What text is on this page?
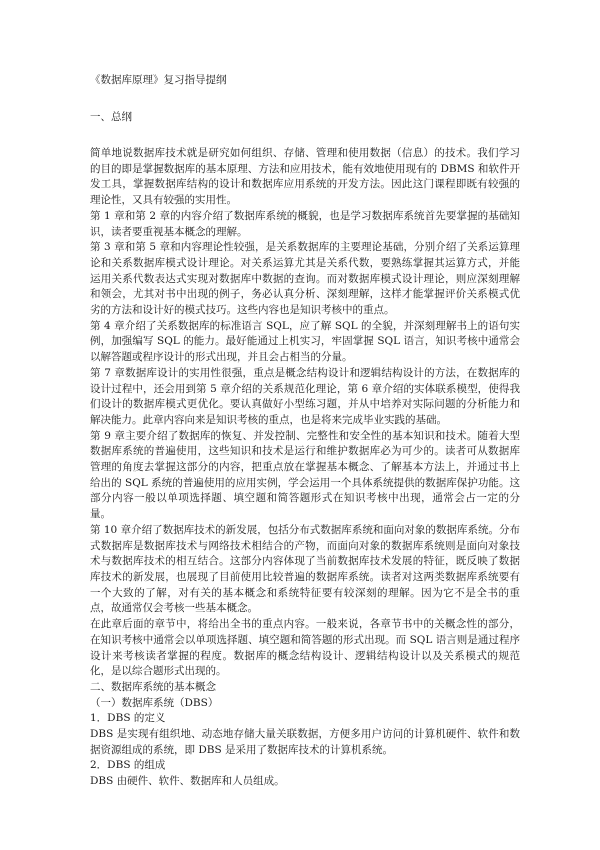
《数据库原理》复习指导提纲
一、总纲

简单地说数据库技术就是研究如何组织、存储、管理和使用数据（信息）的技术。我们学习的目的即是掌握数据库的基本原理、方法和应用技术，能有效地使用现有的 DBMS 和软件开发工具，掌握数据库结构的设计和数据库应用系统的开发方法。因此这门课程即既有较强的理论性，又具有较强的实用性。

第 1 章和第 2 章的内容介绍了数据库系统的概貌，也是学习数据库系统首先要掌握的基础知识，读者要重视基本概念的理解。

第 3 章和第 5 章和内容理论性较强，是关系数据库的主要理论基础，分别介绍了关系运算理论和关系数据库模式设计理论。对关系运算尤其是关系代数，要熟练掌握其运算方式，并能运用关系代数表达式实现对数据库中数据的查询。而对数据库模式设计理论，则应深刻理解和领会，尤其对书中出现的例子，务必认真分析、深刻理解，这样才能掌握评价关系模式优劣的方法和设计好的模式技巧。这些内容也是知识考核中的重点。

第 4 章介绍了关系数据库的标准语言 SQL，应了解 SQL 的全貌，并深刻理解书上的语句实例，加强编写 SQL 的能力。最好能通过上机实习，牢固掌握 SQL 语言，知识考核中通常会以解答题或程序设计的形式出现，并且会占相当的分量。

第 7 章数据库设计的实用性很强，重点是概念结构设计和逻辑结构设计的方法，在数据库的设计过程中，还会用到第 5 章介绍的关系规范化理论，第 6 章介绍的实体联系模型，使得我们设计的数据库模式更优化。要认真做好小型练习题，并从中培养对实际问题的分析能力和解决能力。此章内容向来是知识考核的重点，也是将来完成毕业实践的基础。

第 9 章主要介绍了数据库的恢复、并发控制、完整性和安全性的基本知识和技术。随着大型数据库系统的普遍使用，这些知识和技术是运行和维护数据库必为可少的。读者可从数据库管理的角度去掌握这部分的内容，把重点放在掌握基本概念、了解基本方法上，并通过书上给出的 SQL 系统的普遍使用的应用实例，学会运用一个具体系统提供的数据库保护功能。这部分内容一般以单项选择题、填空题和简答题形式在知识考核中出现，通常会占一定的分量。

第 10 章介绍了数据库技术的新发展，包括分布式数据库系统和面向对象的数据库系统。分布式数据库是数据库技术与网络技术相结合的产物，而面向对象的数据库系统则是面向对象技术与数据库技术的相互结合。这部分内容体现了当前数据库技术发展的特征，既反映了数据库技术的新发展，也展现了目前使用比较普遍的数据库系统。读者对这两类数据库系统要有一个大致的了解，对有关的基本概念和系统特征要有较深刻的理解。因为它不是全书的重点，故通常仅会考核一些基本概念。

在此章后面的章节中，将给出全书的重点内容。一般来说，各章节书中的关概念性的部分，在知识考核中通常会以单项选择题、填空题和简答题的形式出现。而 SQL 语言则是通过程序设计来考核读者掌握的程度。数据库的概念结构设计、逻辑结构设计以及关系模式的规范化，是以综合题形式出现的。

二、数据库系统的基本概念
（一）数据库系统（DBS）
1．DBS 的定义

DBS 是实现有组织地、动态地存储大量关联数据，方便多用户访问的计算机硬件、软件和数据资源组成的系统，即 DBS 是采用了数据库技术的计算机系统。

2．DBS 的组成

DBS 由硬件、软件、数据库和人员组成。
